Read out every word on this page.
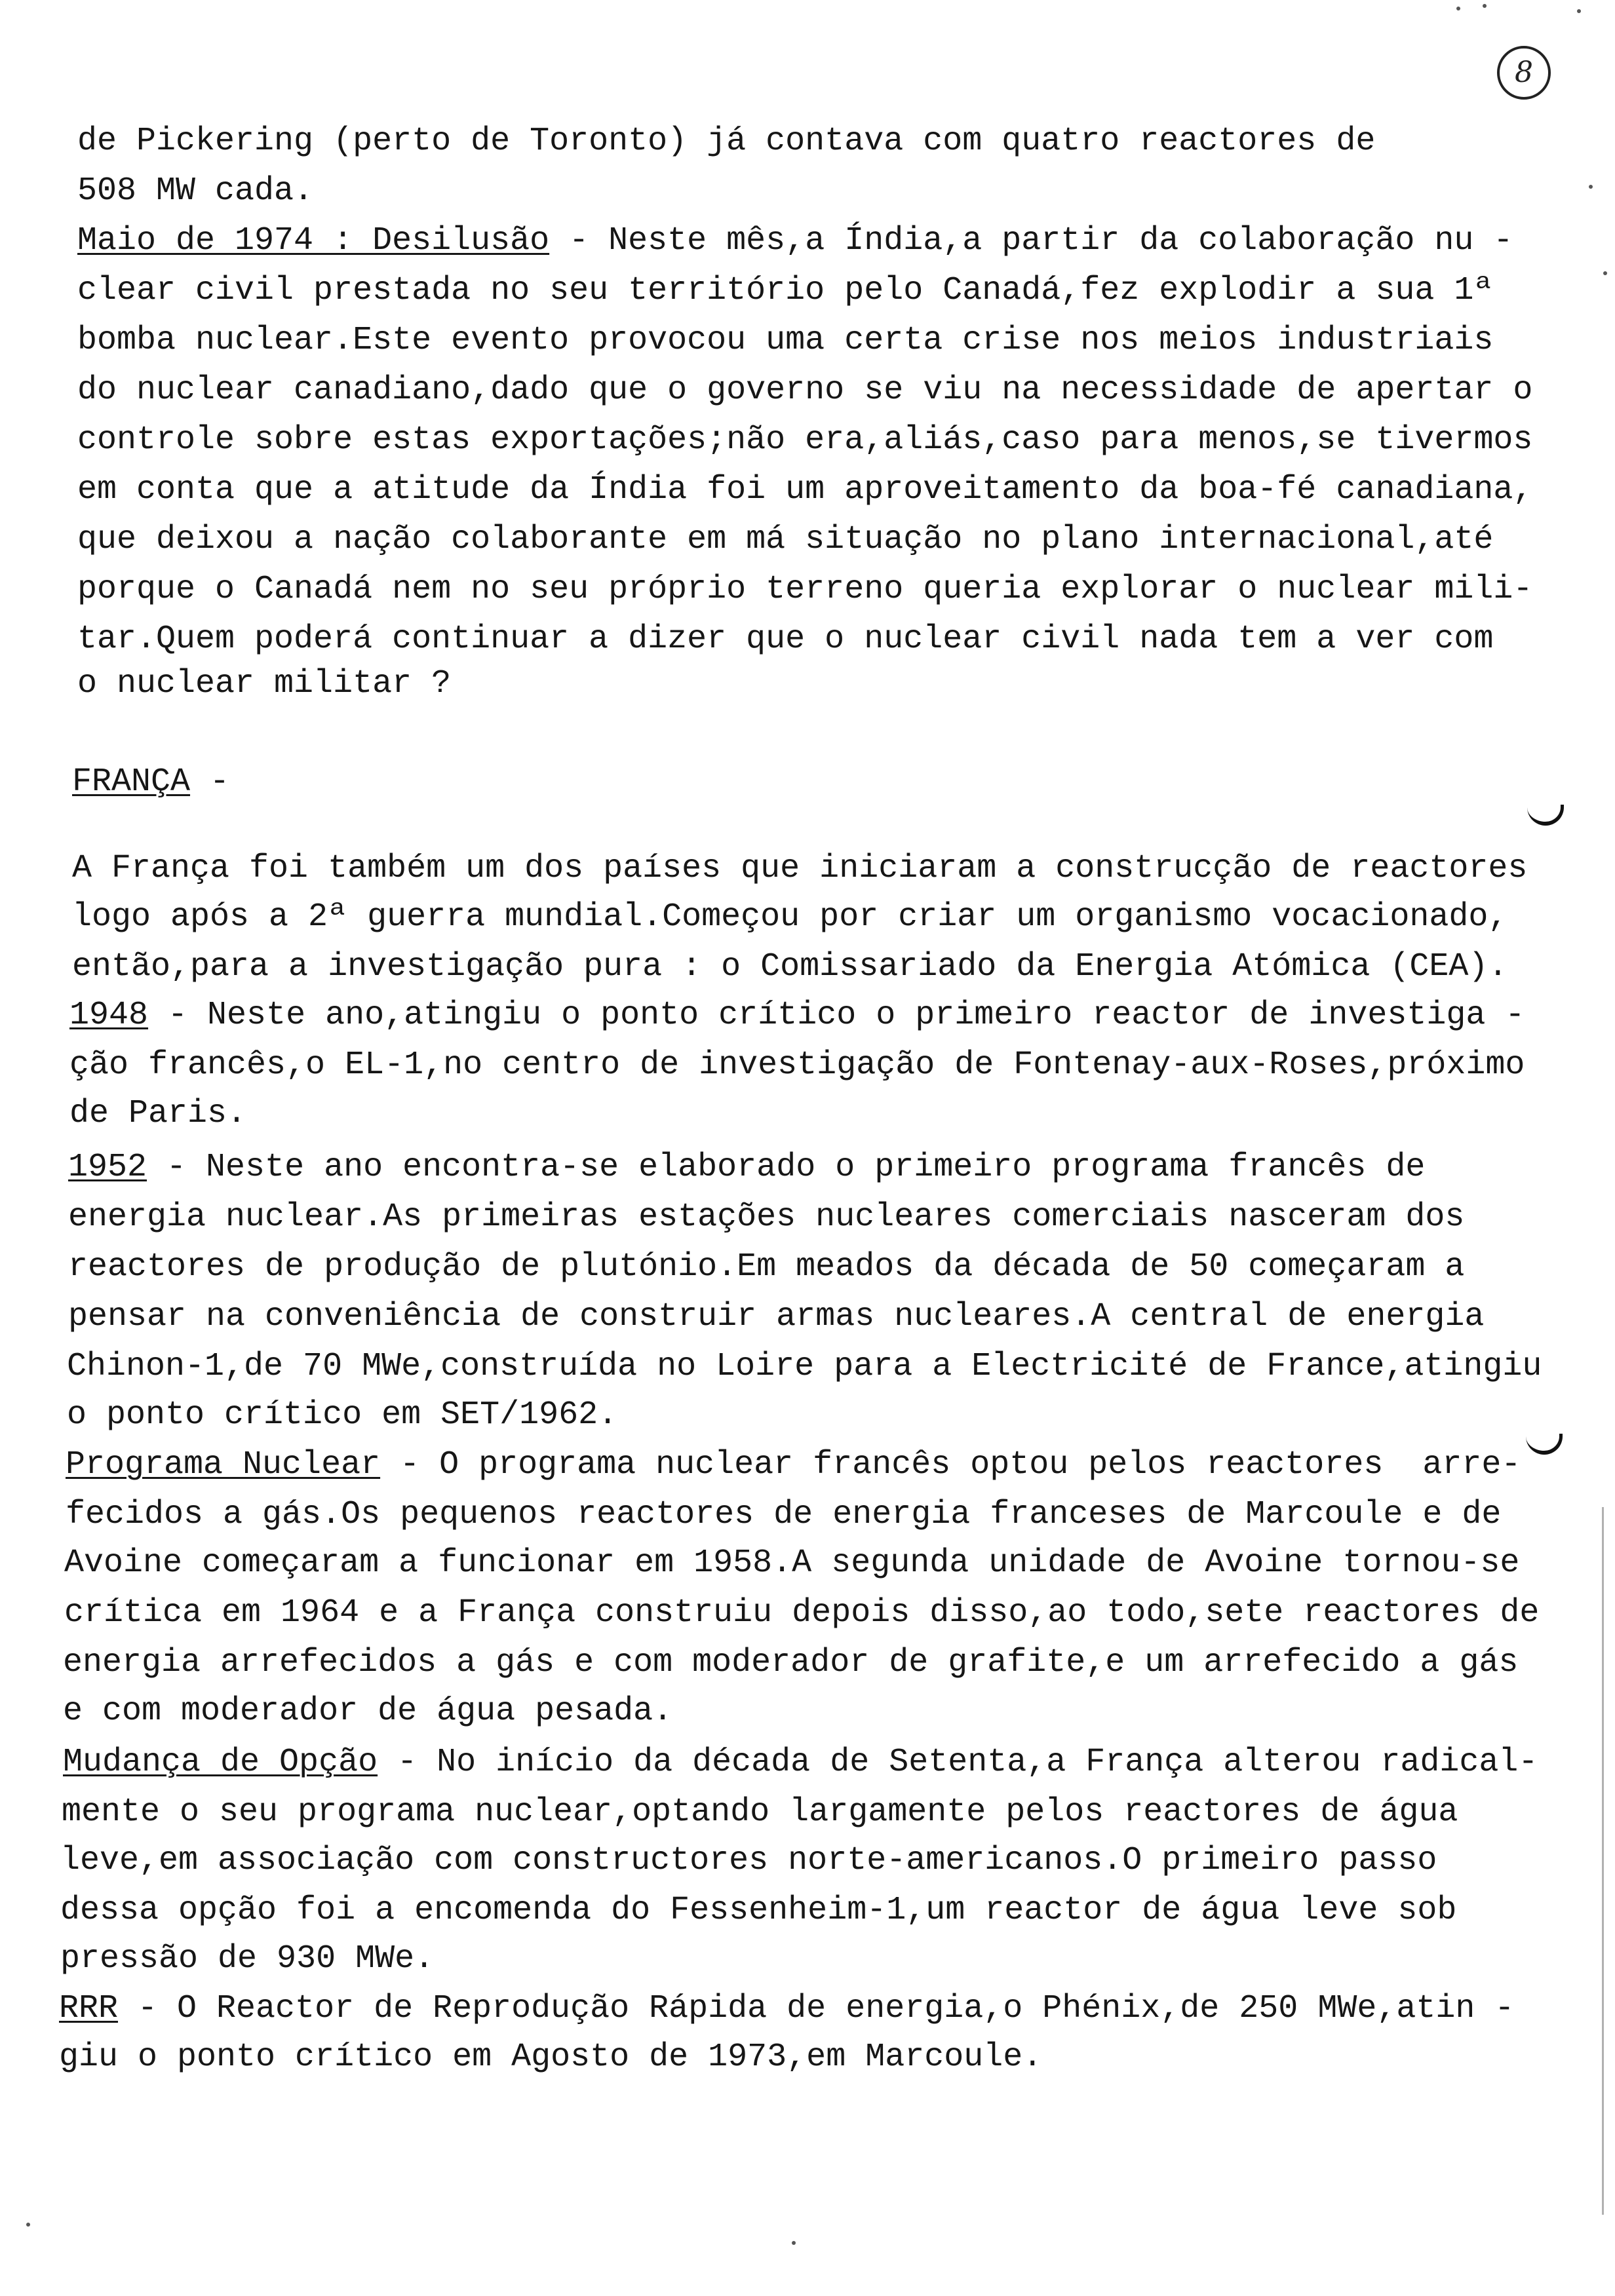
8
de Pickering (perto de Toronto) já contava com quatro reactores de
508 MW cada.
Maio de 1974 : Desilusão - Neste mês,a Índia,a partir da colaboração nu -
clear civil prestada no seu território pelo Canadá,fez explodir a sua 1ª
bomba nuclear.Este evento provocou uma certa crise nos meios industriais
do nuclear canadiano,dado que o governo se viu na necessidade de apertar o
controle sobre estas exportações;não era,aliás,caso para menos,se tivermos
em conta que a atitude da Índia foi um aproveitamento da boa-fé canadiana,
que deixou a nação colaborante em má situação no plano internacional,até
porque o Canadá nem no seu próprio terreno queria explorar o nuclear mili-
tar.Quem poderá continuar a dizer que o nuclear civil nada tem a ver com
o nuclear militar ?
FRANÇA -
A França foi também um dos países que iniciaram a construcção de reactores
logo após a 2ª guerra mundial.Começou por criar um organismo vocacionado,
então,para a investigação pura : o Comissariado da Energia Atómica (CEA).
1948 - Neste ano,atingiu o ponto crítico o primeiro reactor de investiga -
ção francês,o EL-1,no centro de investigação de Fontenay-aux-Roses,próximo
de Paris.
1952 - Neste ano encontra-se elaborado o primeiro programa francês de
energia nuclear.As primeiras estações nucleares comerciais nasceram dos
reactores de produção de plutónio.Em meados da década de 50 começaram a
pensar na conveniência de construir armas nucleares.A central de energia
Chinon-1,de 70 MWe,construída no Loire para a Electricité de France,atingiu
o ponto crítico em SET/1962.
Programa Nuclear - O programa nuclear francês optou pelos reactores  arre-
fecidos a gás.Os pequenos reactores de energia franceses de Marcoule e de
Avoine começaram a funcionar em 1958.A segunda unidade de Avoine tornou-se
crítica em 1964 e a França construiu depois disso,ao todo,sete reactores de
energia arrefecidos a gás e com moderador de grafite,e um arrefecido a gás
e com moderador de água pesada.
Mudança de Opção - No início da década de Setenta,a França alterou radical-
mente o seu programa nuclear,optando largamente pelos reactores de água
leve,em associação com constructores norte-americanos.O primeiro passo
dessa opção foi a encomenda do Fessenheim-1,um reactor de água leve sob
pressão de 930 MWe.
RRR - O Reactor de Reprodução Rápida de energia,o Phénix,de 250 MWe,atin -
giu o ponto crítico em Agosto de 1973,em Marcoule.
